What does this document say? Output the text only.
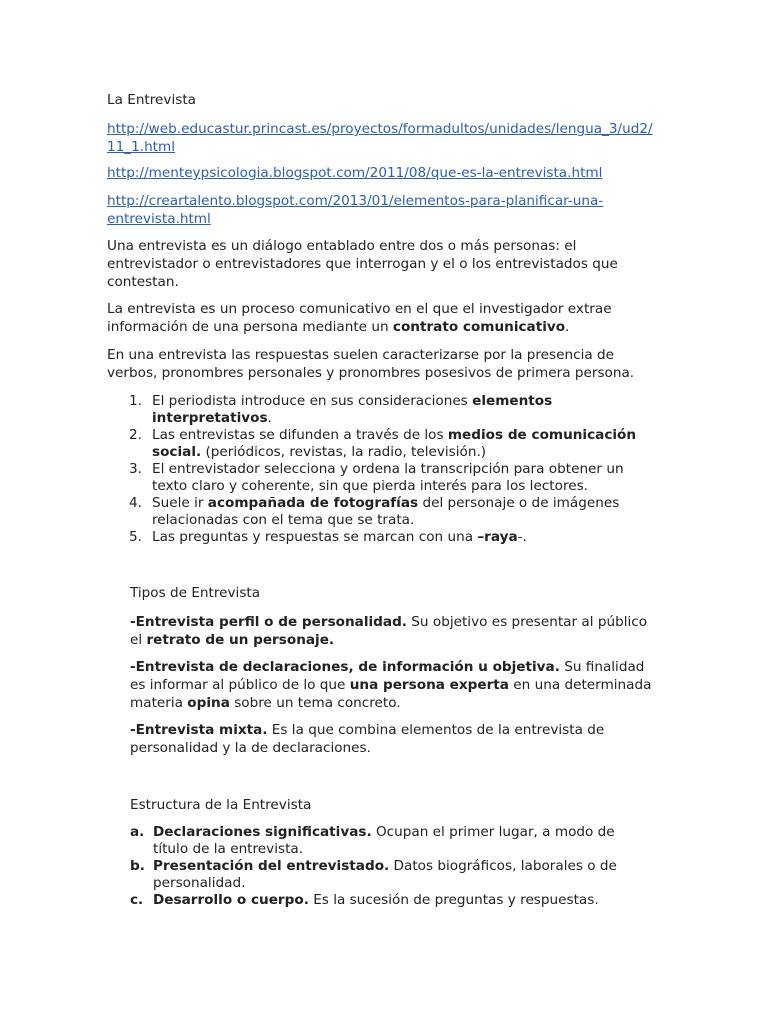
La Entrevista
http://web.educastur.princast.es/proyectos/formadultos/unidades/lengua_3/ud2/
11_1.html
http://menteypsicologia.blogspot.com/2011/08/que-es-la-entrevista.html
http://creartalento.blogspot.com/2013/01/elementos-para-planificar-una-
entrevista.html
Una entrevista es un diálogo entablado entre dos o más personas: el
entrevistador o entrevistadores que interrogan y el o los entrevistados que
contestan.
La entrevista es un proceso comunicativo en el que el investigador extrae
información de una persona mediante un contrato comunicativo.
En una entrevista las respuestas suelen caracterizarse por la presencia de
verbos, pronombres personales y pronombres posesivos de primera persona.
1. El periodista introduce en sus consideraciones elementos
interpretativos.
2. Las entrevistas se difunden a través de los medios de comunicación
social. (periódicos, revistas, la radio, televisión.)
3. El entrevistador selecciona y ordena la transcripción para obtener un
texto claro y coherente, sin que pierda interés para los lectores.
4. Suele ir acompañada de fotografías del personaje o de imágenes
relacionadas con el tema que se trata.
5. Las preguntas y respuestas se marcan con una –raya-.
Tipos de Entrevista
-Entrevista perfil o de personalidad. Su objetivo es presentar al público
el retrato de un personaje.
-Entrevista de declaraciones, de información u objetiva. Su finalidad
es informar al público de lo que una persona experta en una determinada
materia opina sobre un tema concreto.
-Entrevista mixta. Es la que combina elementos de la entrevista de
personalidad y la de declaraciones.
Estructura de la Entrevista
a. Declaraciones significativas. Ocupan el primer lugar, a modo de
título de la entrevista.
b. Presentación del entrevistado. Datos biográficos, laborales o de
personalidad.
c. Desarrollo o cuerpo. Es la sucesión de preguntas y respuestas.
